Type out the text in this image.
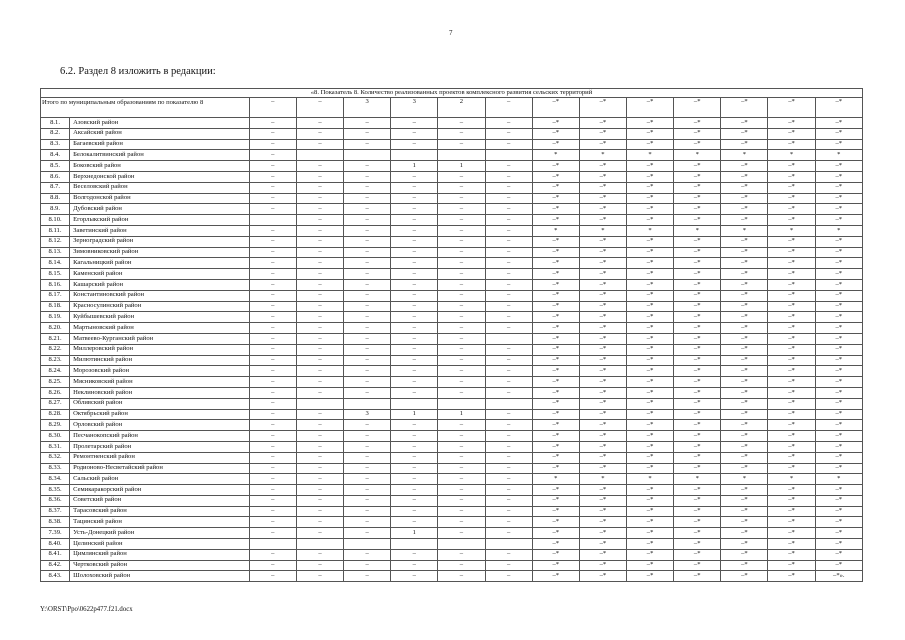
7
6.2. Раздел 8 изложить в редакции:
«8. Показатель 8. Количество реализованных проектов комплексного развития сельских территорий														
Итого по муниципальным образованиям по показателю 8		–	–	3	3	2	–	–*	–*	–*	–*	–*	–*	–*
8.1.	Азовский район	–	–	–	–	–	–	–*	–*	–*	–*	–*	–*	–*
8.2.	Аксайский район	–	–	–	–	–	–	–*	–*	–*	–*	–*	–*	–*
8.3.	Багаевский район	–	–	–	–	–	–	–*	–*	–*	–*	–*	–*	–*
8.4.	Белокалитвинский район	–						*	*	*	*	*	*	*
8.5.	Боковский район	–	–	–	1	1	–	–*	–*	–*	–*	–*	–*	–*
8.6.	Верхнедонской район	–	–	–	–	–	–	–*	–*	–*	–*	–*	–*	–*
8.7.	Веселовский район	–	–	–	–	–	–	–*	–*	–*	–*	–*	–*	–*
8.8.	Волгодонской район	–	–	–	–	–	–	–*	–*	–*	–*	–*	–*	–*
8.9.	Дубовский район	–	–	–	–	–	–	–*	–*	–*	–*	–*	–*	–*
8.10.	Егорлыкский район		–	–	–	–	–	–*	–*	–*	–*	–*	–*	–*
8.11.	Заветинский район	–	–	–	–	–	–	*	*	*	*	*	*	*
8.12.	Зерноградский район	–	–	–	–	–	–	–*	–*	–*	–*	–*	–*	–*
8.13.	Зимовниковский район	–	–	–	–	–	–	–*	–*	–*	–*	–*	–*	–*
8.14.	Кагальницкий район	–	–	–	–	–	–	–*	–*	–*	–*	–*	–*	–*
8.15.	Каменский район	–	–	–	–	–	–	–*	–*	–*	–*	–*	–*	–*
8.16.	Кашарский район	–	–	–	–	–	–	–*	–*	–*	–*	–*	–*	–*
8.17.	Константиновский район	–	–	–	–	–	–	–*	–*	–*	–*	–*	–*	–*
8.18.	Красносулинский район	–	–	–	–	–	–	–*	–*	–*	–*	–*	–*	–*
8.19.	Куйбышевский район	–	–	–	–	–	–	–*	–*	–*	–*	–*	–*	–*
8.20.	Мартыновский район	–	–	–	–	–	–	–*	–*	–*	–*	–*	–*	–*
8.21.	Матвеево-Курганский район	–	–	–	–	–		–*	–*	–*	–*	–*	–*	–*
8.22.	Миллеровский район	–	–	–	–	–	–	–*	–*	–*	–*	–*	–*	–*
8.23.	Милютинский район	–	–	–	–	–	–	–*	–*	–*	–*	–*	–*	–*
8.24.	Морозовский район	–	–	–	–	–	–	–*	–*	–*	–*	–*	–*	–*
8.25.	Мясниковский район	–	–	–	–	–	–	–*	–*	–*	–*	–*	–*	–*
8.26.	Неклиновский район	–	–	–	–	–	–	–*	–*	–*	–*	–*	–*	–*
8.27.	Обливский район	–						–*	–*	–*	–*	–*	–*	–*
8.28.	Октябрьский район	–	–	3	1	1	–	–*	–*	–*	–*	–*	–*	–*
8.29.	Орловский район	–	–	–	–	–	–	–*	–*	–*	–*	–*	–*	–*
8.30.	Песчанокопский район	–	–	–	–	–	–	–*	–*	–*	–*	–*	–*	–*
8.31.	Пролетарский район	–	–	–	–	–	–	–*	–*	–*	–*	–*	–*	–*
8.32.	Ремонтненский район	–	–	–	–	–	–	–*	–*	–*	–*	–*	–*	–*
8.33.	Родионово-Несветайский район	–	–	–	–	–	–	–*	–*	–*	–*	–*	–*	–*
8.34.	Сальский район	–	–	–	–	–	–	*	*	*	*	*	*	*
8.35.	Семикаракорский район	–	–	–	–	–	–	–*	–*	–*	–*	–*	–*	–*
8.36.	Советский район	–	–	–	–	–	–	–*	–*	–*	–*	–*	–*	–*
8.37.	Тарасовский район	–	–	–	–	–	–	–*	–*	–*	–*	–*	–*	–*
8.38.	Тацинский район	–	–	–	–	–	–	–*	–*	–*	–*	–*	–*	–*
7.39.	Усть-Донецкий район	–	–	–	1	–	–	–*	–*	–*	–*	–*	–*	–*
8.40.	Целинский район							–*	–*	–*	–*	–*	–*	–*
8.41.	Цимлянский район	–	–	–	–	–	–	–*	–*	–*	–*	–*	–*	–*
8.42.	Чертковский район	–	–	–	–	–	–	–*	–*	–*	–*	–*	–*	–*
8.43.	Шолоховский район	–	–	–	–	–	–	–*	–*	–*	–*	–*	–*	–*».
Y:\ORST\Ppo\0622p477.f21.docx
